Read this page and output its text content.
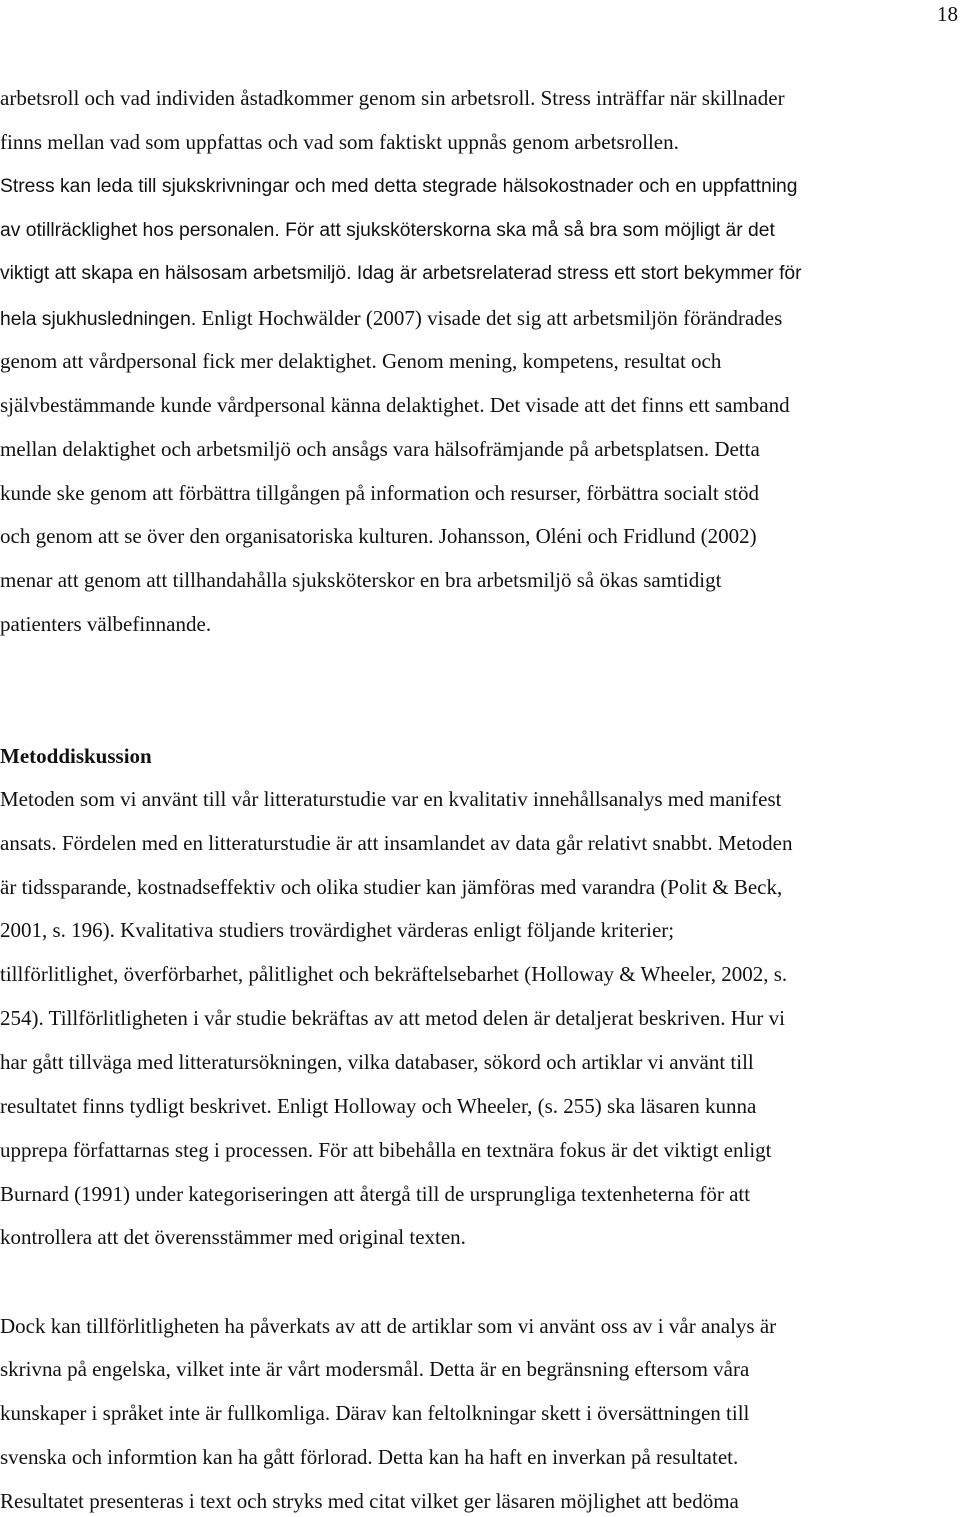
18
arbetsroll och vad individen åstadkommer genom sin arbetsroll. Stress inträffar när skillnader
finns mellan vad som uppfattas och vad som faktiskt uppnås genom arbetsrollen.
Stress kan leda till sjukskrivningar och med detta stegrade hälsokostnader och en uppfattning
av otillräcklighet hos personalen. För att sjuksköterskorna ska må så bra som möjligt är det
viktigt att skapa en hälsosam arbetsmiljö. Idag är arbetsrelaterad stress ett stort bekymmer för
hela sjukhusledningen. Enligt Hochwälder (2007) visade det sig att arbetsmiljön förändrades
genom att vårdpersonal fick mer delaktighet. Genom mening, kompetens, resultat och
självbestämmande kunde vårdpersonal känna delaktighet. Det visade att det finns ett samband
mellan delaktighet och arbetsmiljö och ansågs vara hälsofrämjande på arbetsplatsen. Detta
kunde ske genom att förbättra tillgången på information och resurser, förbättra socialt stöd
och genom att se över den organisatoriska kulturen. Johansson, Oléni och Fridlund (2002)
menar att genom att tillhandahålla sjuksköterskor en bra arbetsmiljö så ökas samtidigt
patienters välbefinnande.
Metoddiskussion
Metoden som vi använt till vår litteraturstudie var en kvalitativ innehållsanalys med manifest
ansats. Fördelen med en litteraturstudie är att insamlandet av data går relativt snabbt. Metoden
är tidssparande, kostnadseffektiv och olika studier kan jämföras med varandra (Polit & Beck,
2001, s. 196). Kvalitativa studiers trovärdighet värderas enligt följande kriterier;
tillförlitlighet, överförbarhet, pålitlighet och bekräftelsebarhet (Holloway & Wheeler, 2002, s.
254). Tillförlitligheten i vår studie bekräftas av att metod delen är detaljerat beskriven. Hur vi
har gått tillväga med litteratursökningen, vilka databaser, sökord och artiklar vi använt till
resultatet finns tydligt beskrivet. Enligt Holloway och Wheeler, (s. 255) ska läsaren kunna
upprepa författarnas steg i processen. För att bibehålla en textnära fokus är det viktigt enligt
Burnard (1991) under kategoriseringen att återgå till de ursprungliga textenheterna för att
kontrollera att det överensstämmer med original texten.
Dock kan tillförlitligheten ha påverkats av att de artiklar som vi använt oss av i vår analys är
skrivna på engelska, vilket inte är vårt modersmål. Detta är en begränsning eftersom våra
kunskaper i språket inte är fullkomliga. Därav kan feltolkningar skett i översättningen till
svenska och informtion kan ha gått förlorad. Detta kan ha haft en inverkan på resultatet.
Resultatet presenteras i text och stryks med citat vilket ger läsaren möjlighet att bedöma
